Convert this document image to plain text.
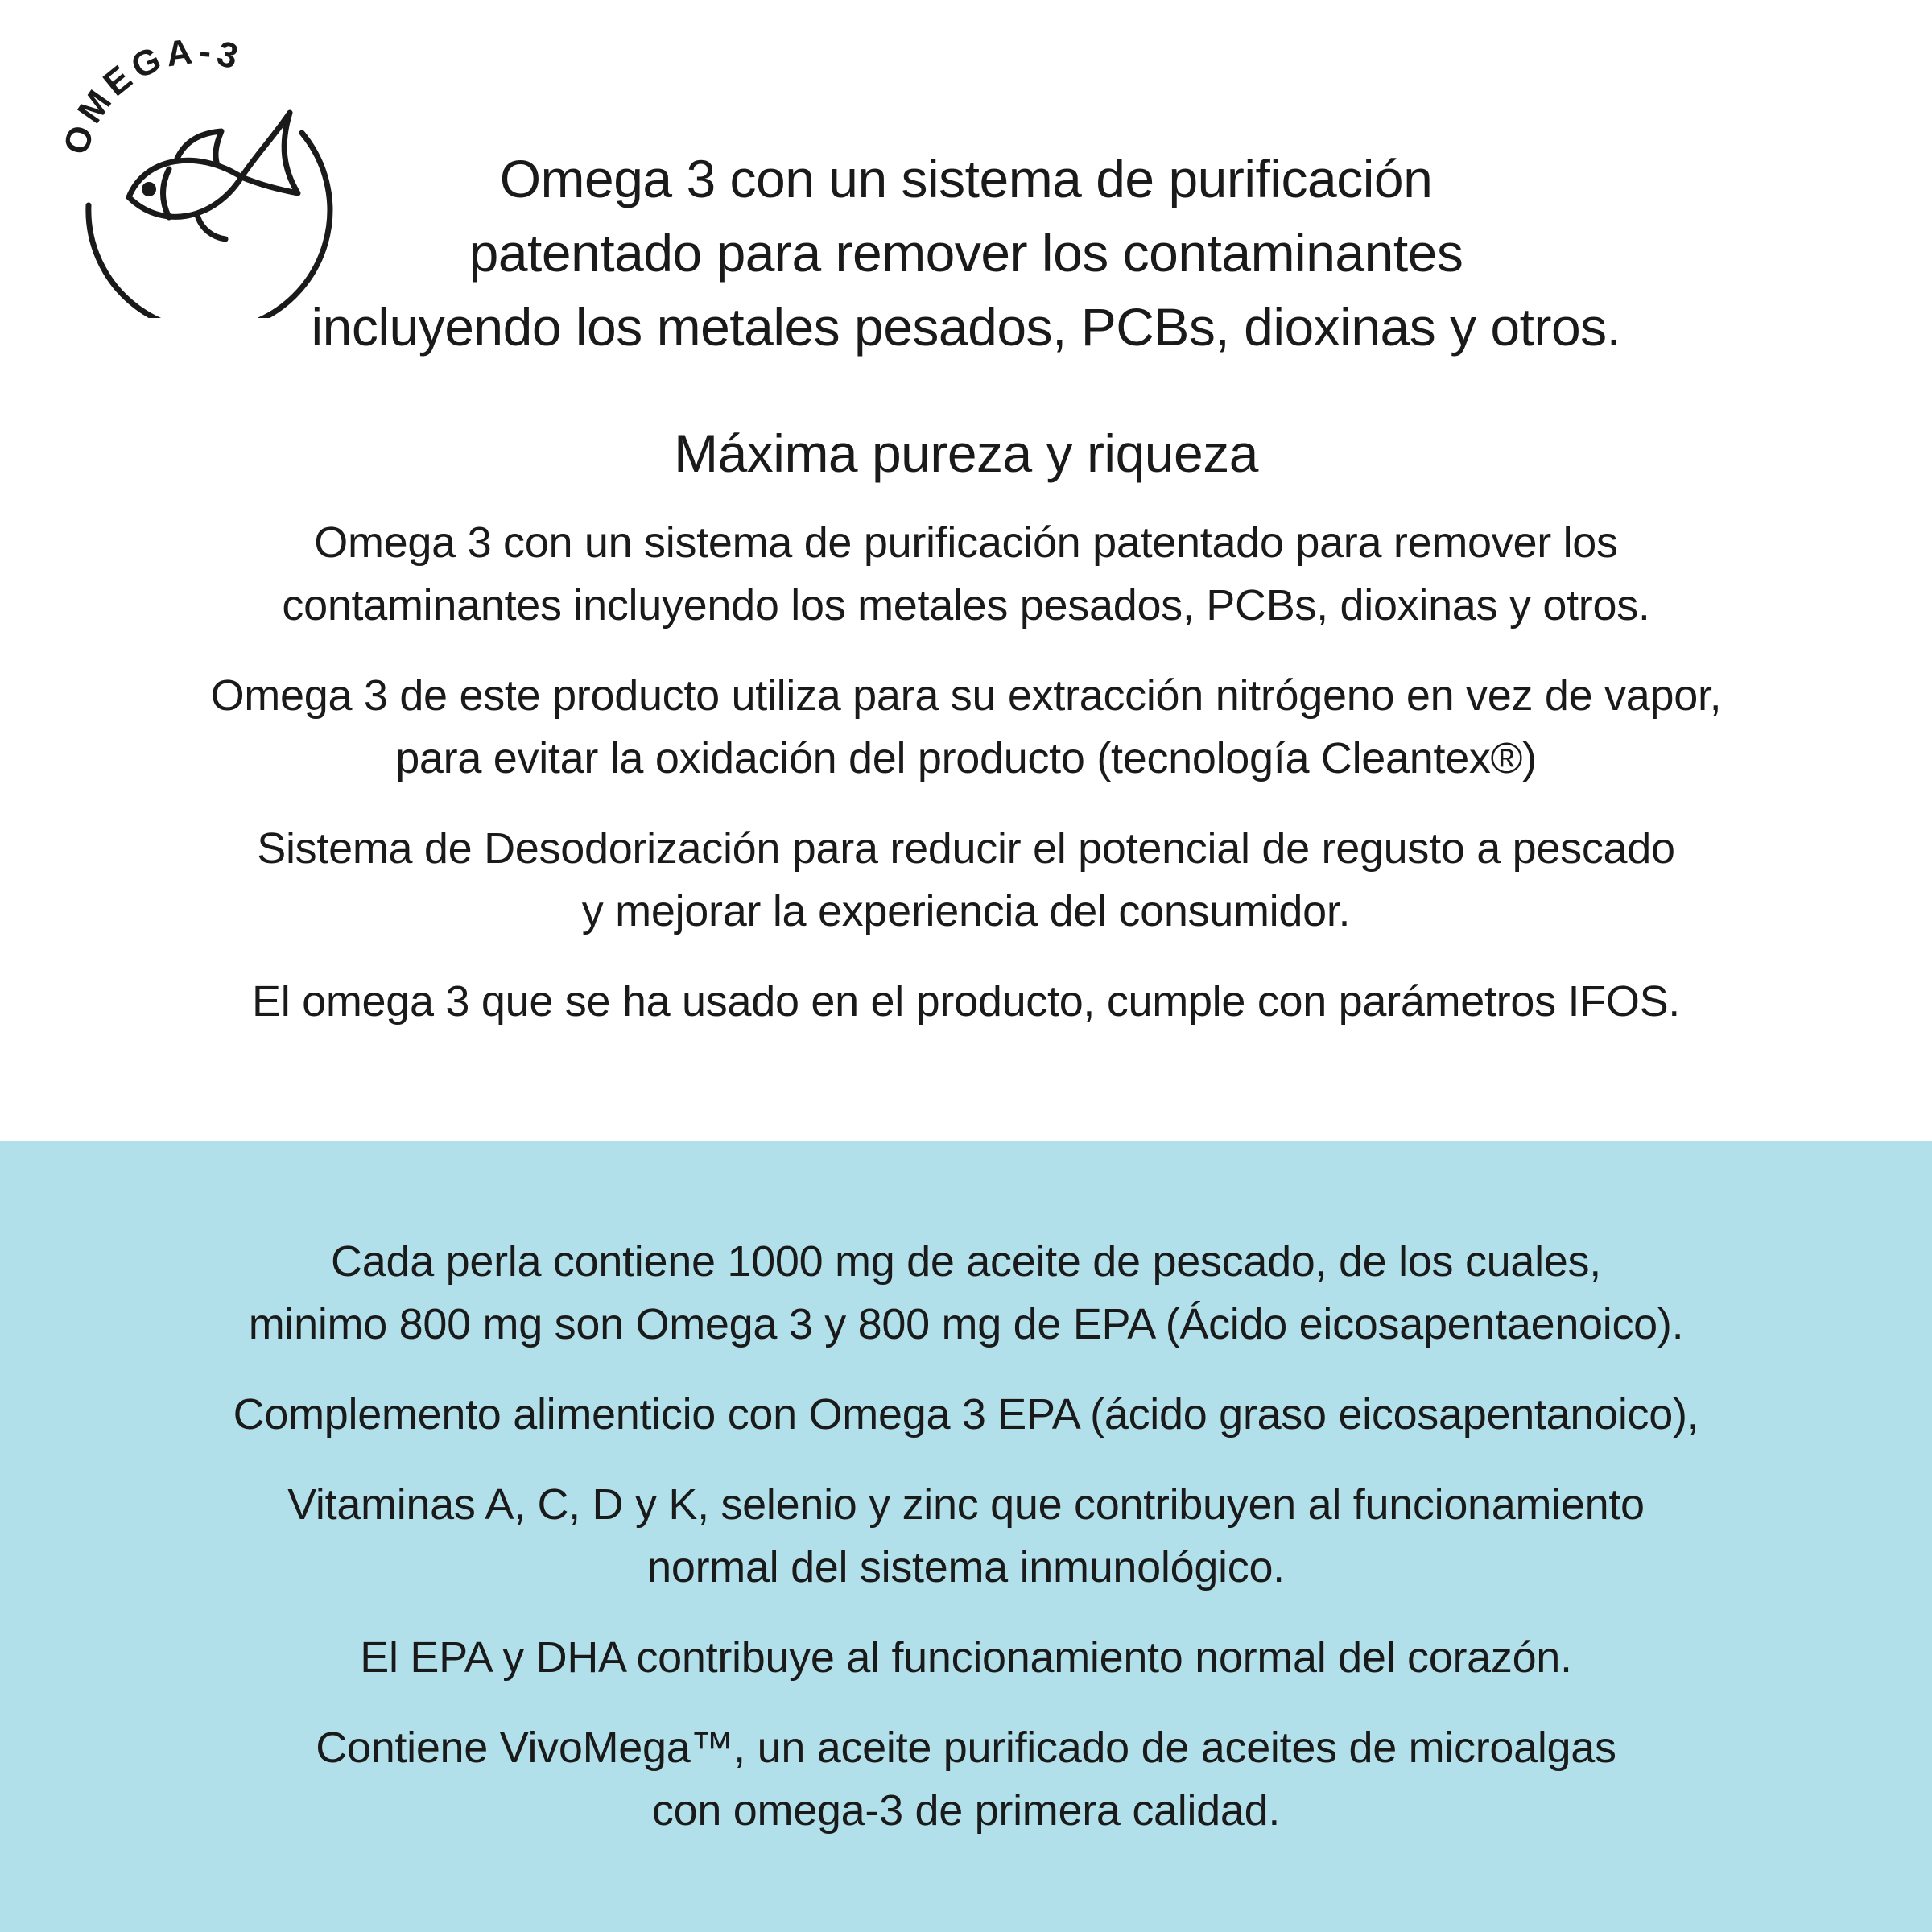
OMEGA-3
Omega 3 con un sistema de purificación
patentado para remover los contaminantes
incluyendo los metales pesados, PCBs, dioxinas y otros.
Máxima pureza y riqueza
Omega 3 con un sistema de purificación patentado para remover los
contaminantes incluyendo los metales pesados, PCBs, dioxinas y otros.
Omega 3 de este producto utiliza para su extracción nitrógeno en vez de vapor,
para evitar la oxidación del producto (tecnología Cleantex®)
Sistema de Desodorización para reducir el potencial de regusto a pescado
y mejorar la experiencia del consumidor.
El omega 3 que se ha usado en el producto, cumple con parámetros IFOS.
Cada perla contiene 1000 mg de aceite de pescado, de los cuales,
minimo 800 mg son Omega 3 y 800 mg de EPA (Ácido eicosapentaenoico).
Complemento alimenticio con Omega 3 EPA (ácido graso eicosapentanoico),
Vitaminas A, C, D y K, selenio y zinc que contribuyen al funcionamiento
normal del sistema inmunológico.
El EPA y DHA contribuye al funcionamiento normal del corazón.
Contiene VivoMega™, un aceite purificado de aceites de microalgas
con omega-3 de primera calidad.
